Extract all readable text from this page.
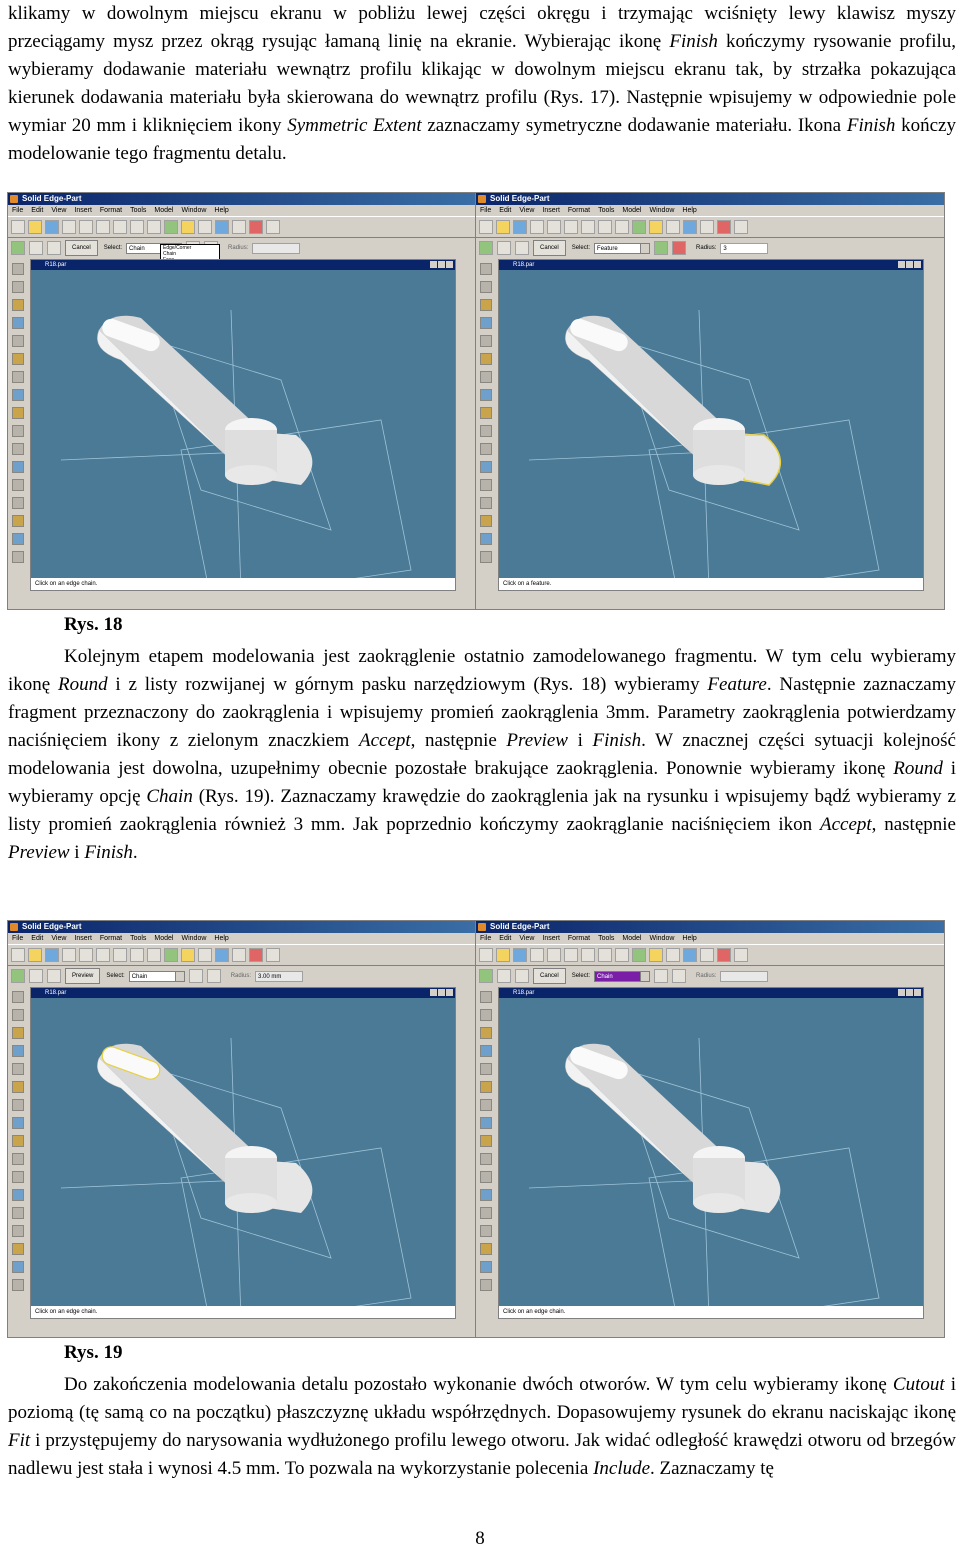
klikamy w dowolnym miejscu ekranu w pobliżu lewej części okręgu i trzymając wciśnięty lewy klawisz myszy przeciągamy mysz przez okrąg rysując łamaną linię na ekranie. Wybierając ikonę Finish kończymy rysowanie profilu, wybieramy dodawanie materiału wewnątrz profilu klikając w dowolnym miejscu ekranu tak, by strzałka pokazująca kierunek dodawania materiału była skierowana do wewnątrz profilu (Rys. 17). Następnie wpisujemy w odpowiednie pole wymiar 20 mm i kliknięciem ikony Symmetric Extent zaznaczamy symetryczne dodawanie materiału. Ikona Finish kończy modelowanie tego fragmentu detalu.
Solid Edge-Part
File Edit View Insert Format Tools Model Window Help
Cancel	Select:	Chain	Radius:
Edge/Corner
Chain
R18.par
Click on an edge chain.
Solid Edge-Part
File Edit View Insert Format Tools Model Window Help
Cancel	Select:	Feature	Radius:	3
R18.par
Click on a feature.
Rys. 18
Kolejnym etapem modelowania jest zaokrąglenie ostatnio zamodelowanego fragmentu. W tym celu wybieramy ikonę Round i z listy rozwijanej w górnym pasku narzędziowym (Rys. 18) wybieramy Feature. Następnie zaznaczamy fragment przeznaczony do zaokrąglenia i wpisujemy promień zaokrąglenia 3mm. Parametry zaokrąglenia potwierdzamy naciśnięciem ikony z zielonym znaczkiem Accept, następnie Preview i Finish. W znacznej części sytuacji kolejność modelowania jest dowolna, uzupełnimy obecnie pozostałe brakujące zaokrąglenia. Ponownie wybieramy ikonę Round i wybieramy opcję Chain (Rys. 19). Zaznaczamy krawędzie do zaokrąglenia jak na rysunku i wpisujemy bądź wybieramy z listy promień zaokrąglenia również 3 mm. Jak poprzednio kończymy zaokrąglanie naciśnięciem ikon Accept, następnie Preview i Finish.
Solid Edge-Part
File Edit View Insert Format Tools Model Window Help
Preview	Select:	Chain	Radius:	3.00 mm
R18.par
Click on an edge chain.
Solid Edge-Part
File Edit View Insert Format Tools Model Window Help
Cancel	Select:	Chain	Radius:
R18.par
Click on an edge chain.
Rys. 19
Do zakończenia modelowania detalu pozostało wykonanie dwóch otworów. W tym celu wybieramy ikonę Cutout i poziomą (tę samą co na początku) płaszczyznę układu współrzędnych. Dopasowujemy rysunek do ekranu naciskając ikonę Fit i przystępujemy do narysowania wydłużonego profilu lewego otworu. Jak widać odległość krawędzi otworu od brzegów nadlewu jest stała i wynosi 4.5 mm. To pozwala na wykorzystanie polecenia Include. Zaznaczamy tę
8
